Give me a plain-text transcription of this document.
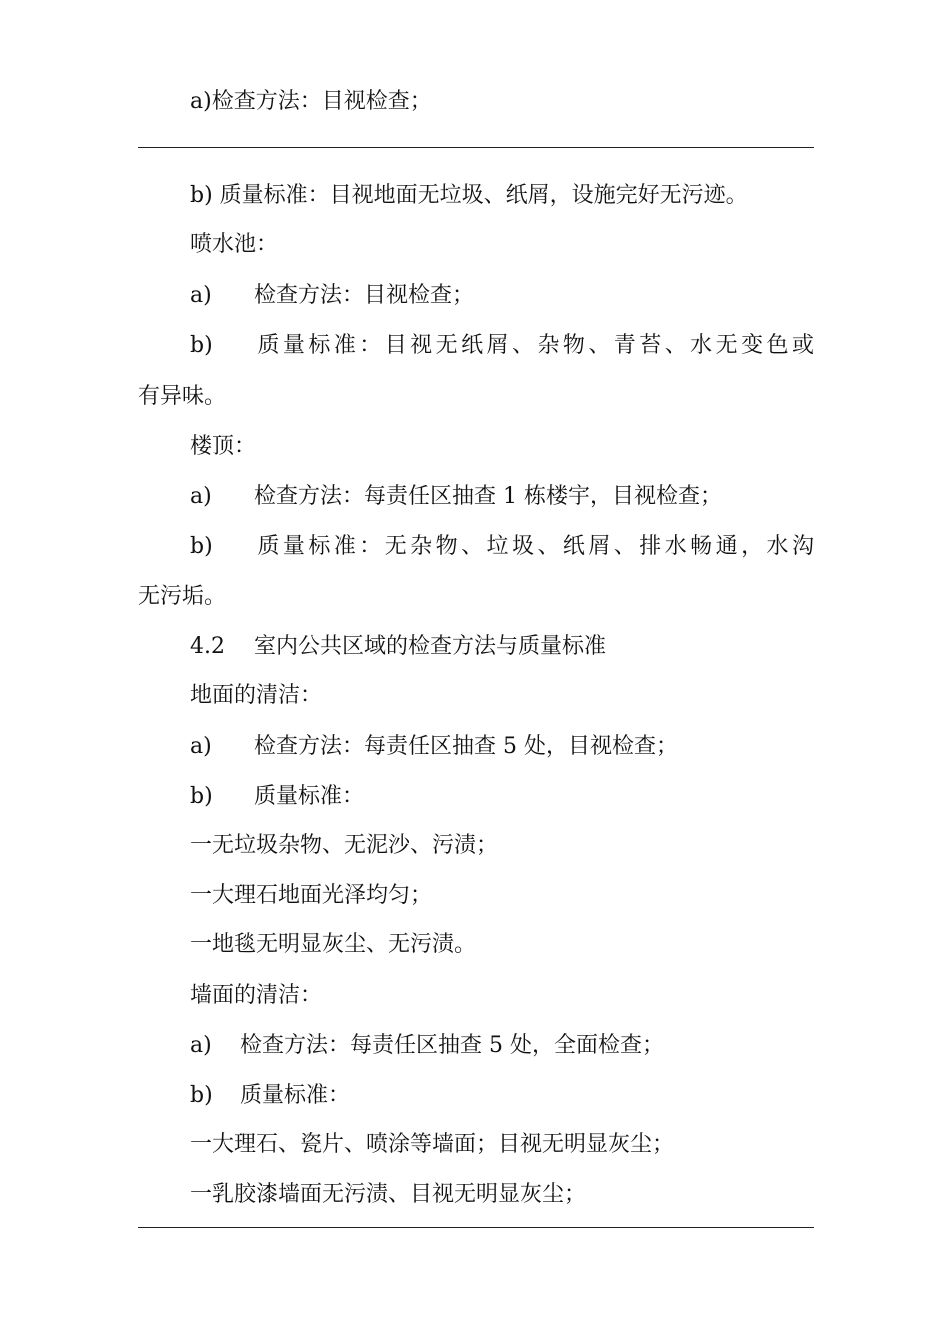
a)检查方法：目视检查；
b) 质量标准：目视地面无垃圾、纸屑，设施完好无污迹。
喷水池：
a) 检查方法：目视检查；
b) 质量标准：目视无纸屑、杂物、青苔、水无变色或
有异味。
楼顶：
a) 检查方法：每责任区抽查 1 栋楼宇，目视检查；
b) 质量标准：无杂物、垃圾、纸屑、排水畅通，水沟
无污垢。
4.2 室内公共区域的检查方法与质量标准
地面的清洁：
a) 检查方法：每责任区抽查 5 处，目视检查；
b) 质量标准：
一无垃圾杂物、无泥沙、污渍；
一大理石地面光泽均匀；
一地毯无明显灰尘、无污渍。
墙面的清洁：
a) 检查方法：每责任区抽查 5 处，全面检查；
b) 质量标准：
一大理石、瓷片、喷涂等墙面；目视无明显灰尘；
一乳胶漆墙面无污渍、目视无明显灰尘；
